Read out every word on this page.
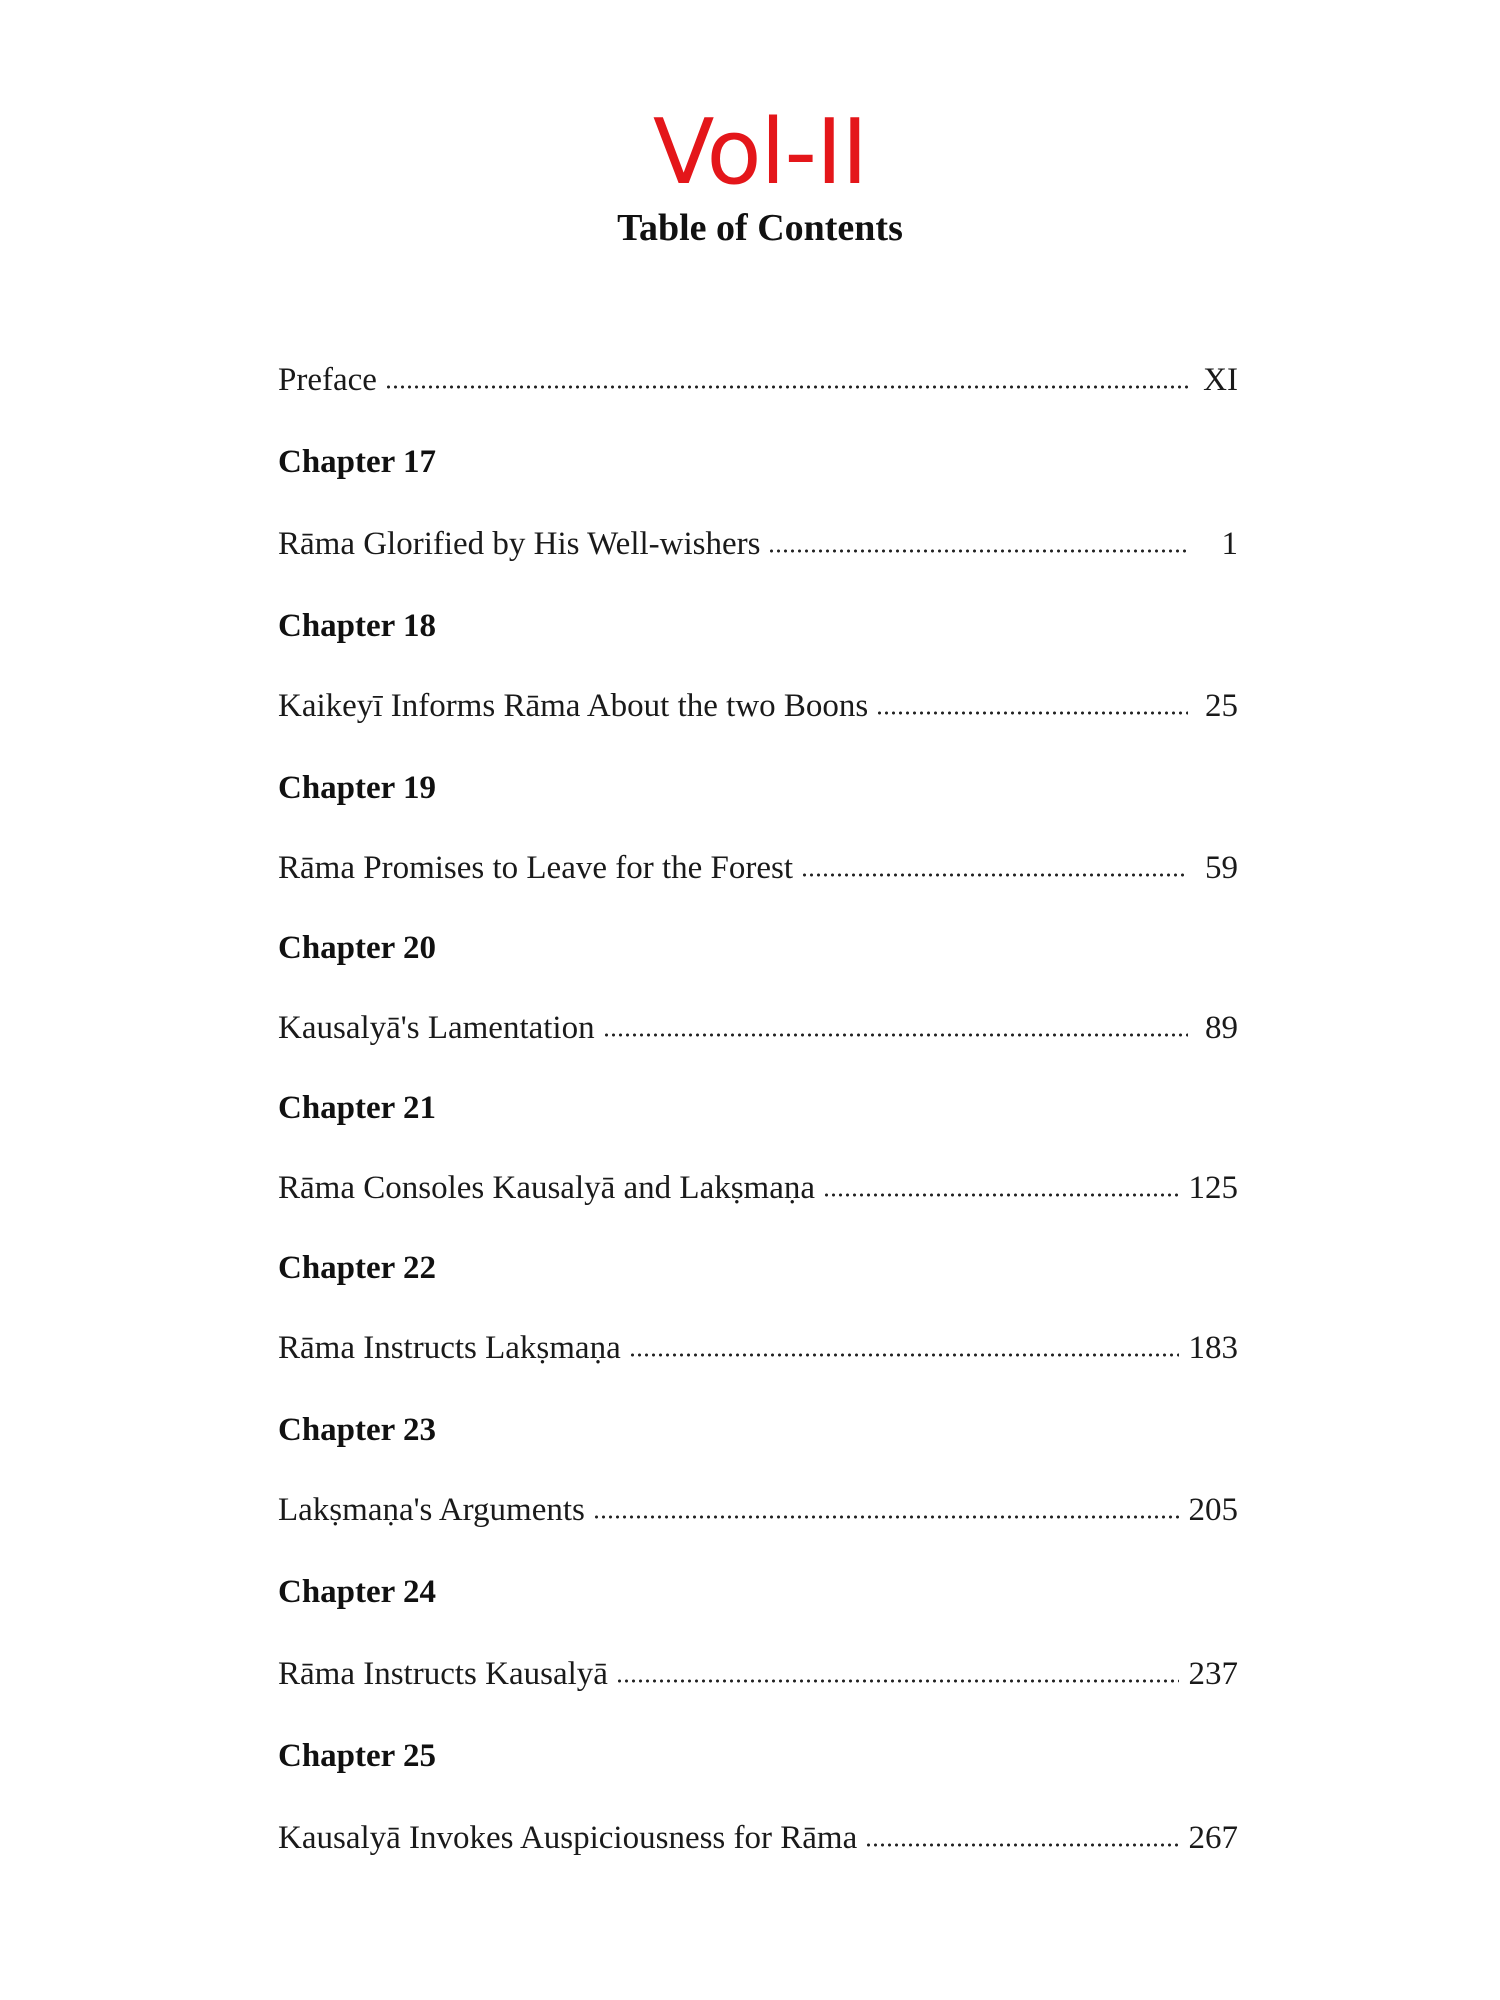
Vol-II
Table of Contents
Preface	XI
Chapter 17
Rāma Glorified by His Well-wishers	1
Chapter 18
Kaikeyī Informs Rāma About the two Boons	25
Chapter 19
Rāma Promises to Leave for the Forest	59
Chapter 20
Kausalyā's Lamentation	89
Chapter 21
Rāma Consoles Kausalyā and Lakṣmaṇa	125
Chapter 22
Rāma Instructs Lakṣmaṇa	183
Chapter 23
Lakṣmaṇa's Arguments	205
Chapter 24
Rāma Instructs Kausalyā	237
Chapter 25
Kausalyā Invokes Auspiciousness for Rāma	267
